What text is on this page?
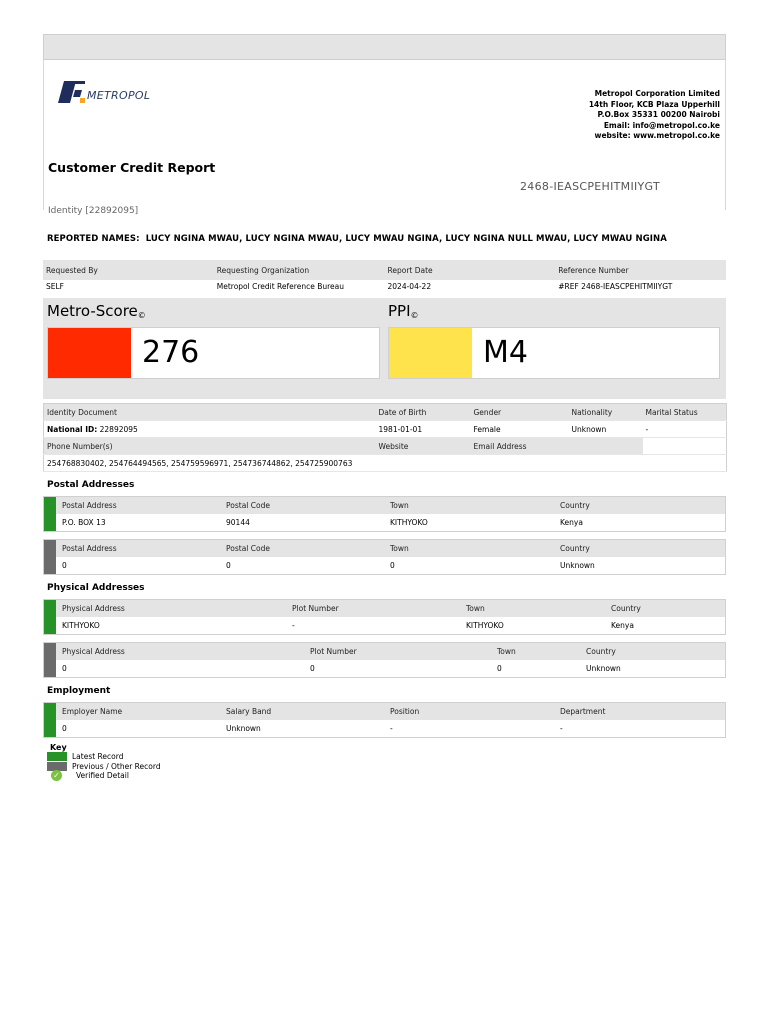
METROPOL	Metropol Corporation Limited
14th Floor, KCB Plaza Upperhill
P.O.Box 35331 00200 Nairobi
Email: info@metropol.co.ke
website: www.metropol.co.ke
Customer Credit Report
2468-IEASCPEHITMIIYGT
Identity [22892095]
REPORTED NAMES: LUCY NGINA MWAU, LUCY NGINA MWAU, LUCY MWAU NGINA, LUCY NGINA NULL MWAU, LUCY MWAU NGINA
Requested By	Requesting Organization	Report Date	Reference Number
SELF	Metropol Credit Reference Bureau	2024-04-22	#REF 2468-IEASCPEHITMIIYGT
Metro-Score©
276
PPI©
M4
Identity Document	Date of Birth	Gender	Nationality	Marital Status
National ID: 22892095	1981-01-01	Female	Unknown	-
Phone Number(s)	Website	Email Address		
254768830402, 254764494565, 254759596971, 254736744862, 254725900763				
Postal Addresses
Postal Address	Postal Code	Town	Country
P.O. BOX 13	90144	KITHYOKO	Kenya
Postal Address	Postal Code	Town	Country
0	0	0	Unknown
Physical Addresses
Physical Address	Plot Number	Town	Country
KITHYOKO	-	KITHYOKO	Kenya
Physical Address	Plot Number	Town	Country
0	0	0	Unknown
Employment
Employer Name	Salary Band	Position	Department
0	Unknown	-	-
Key
Latest Record
Previous / Other Record
✓ Verified Detail
